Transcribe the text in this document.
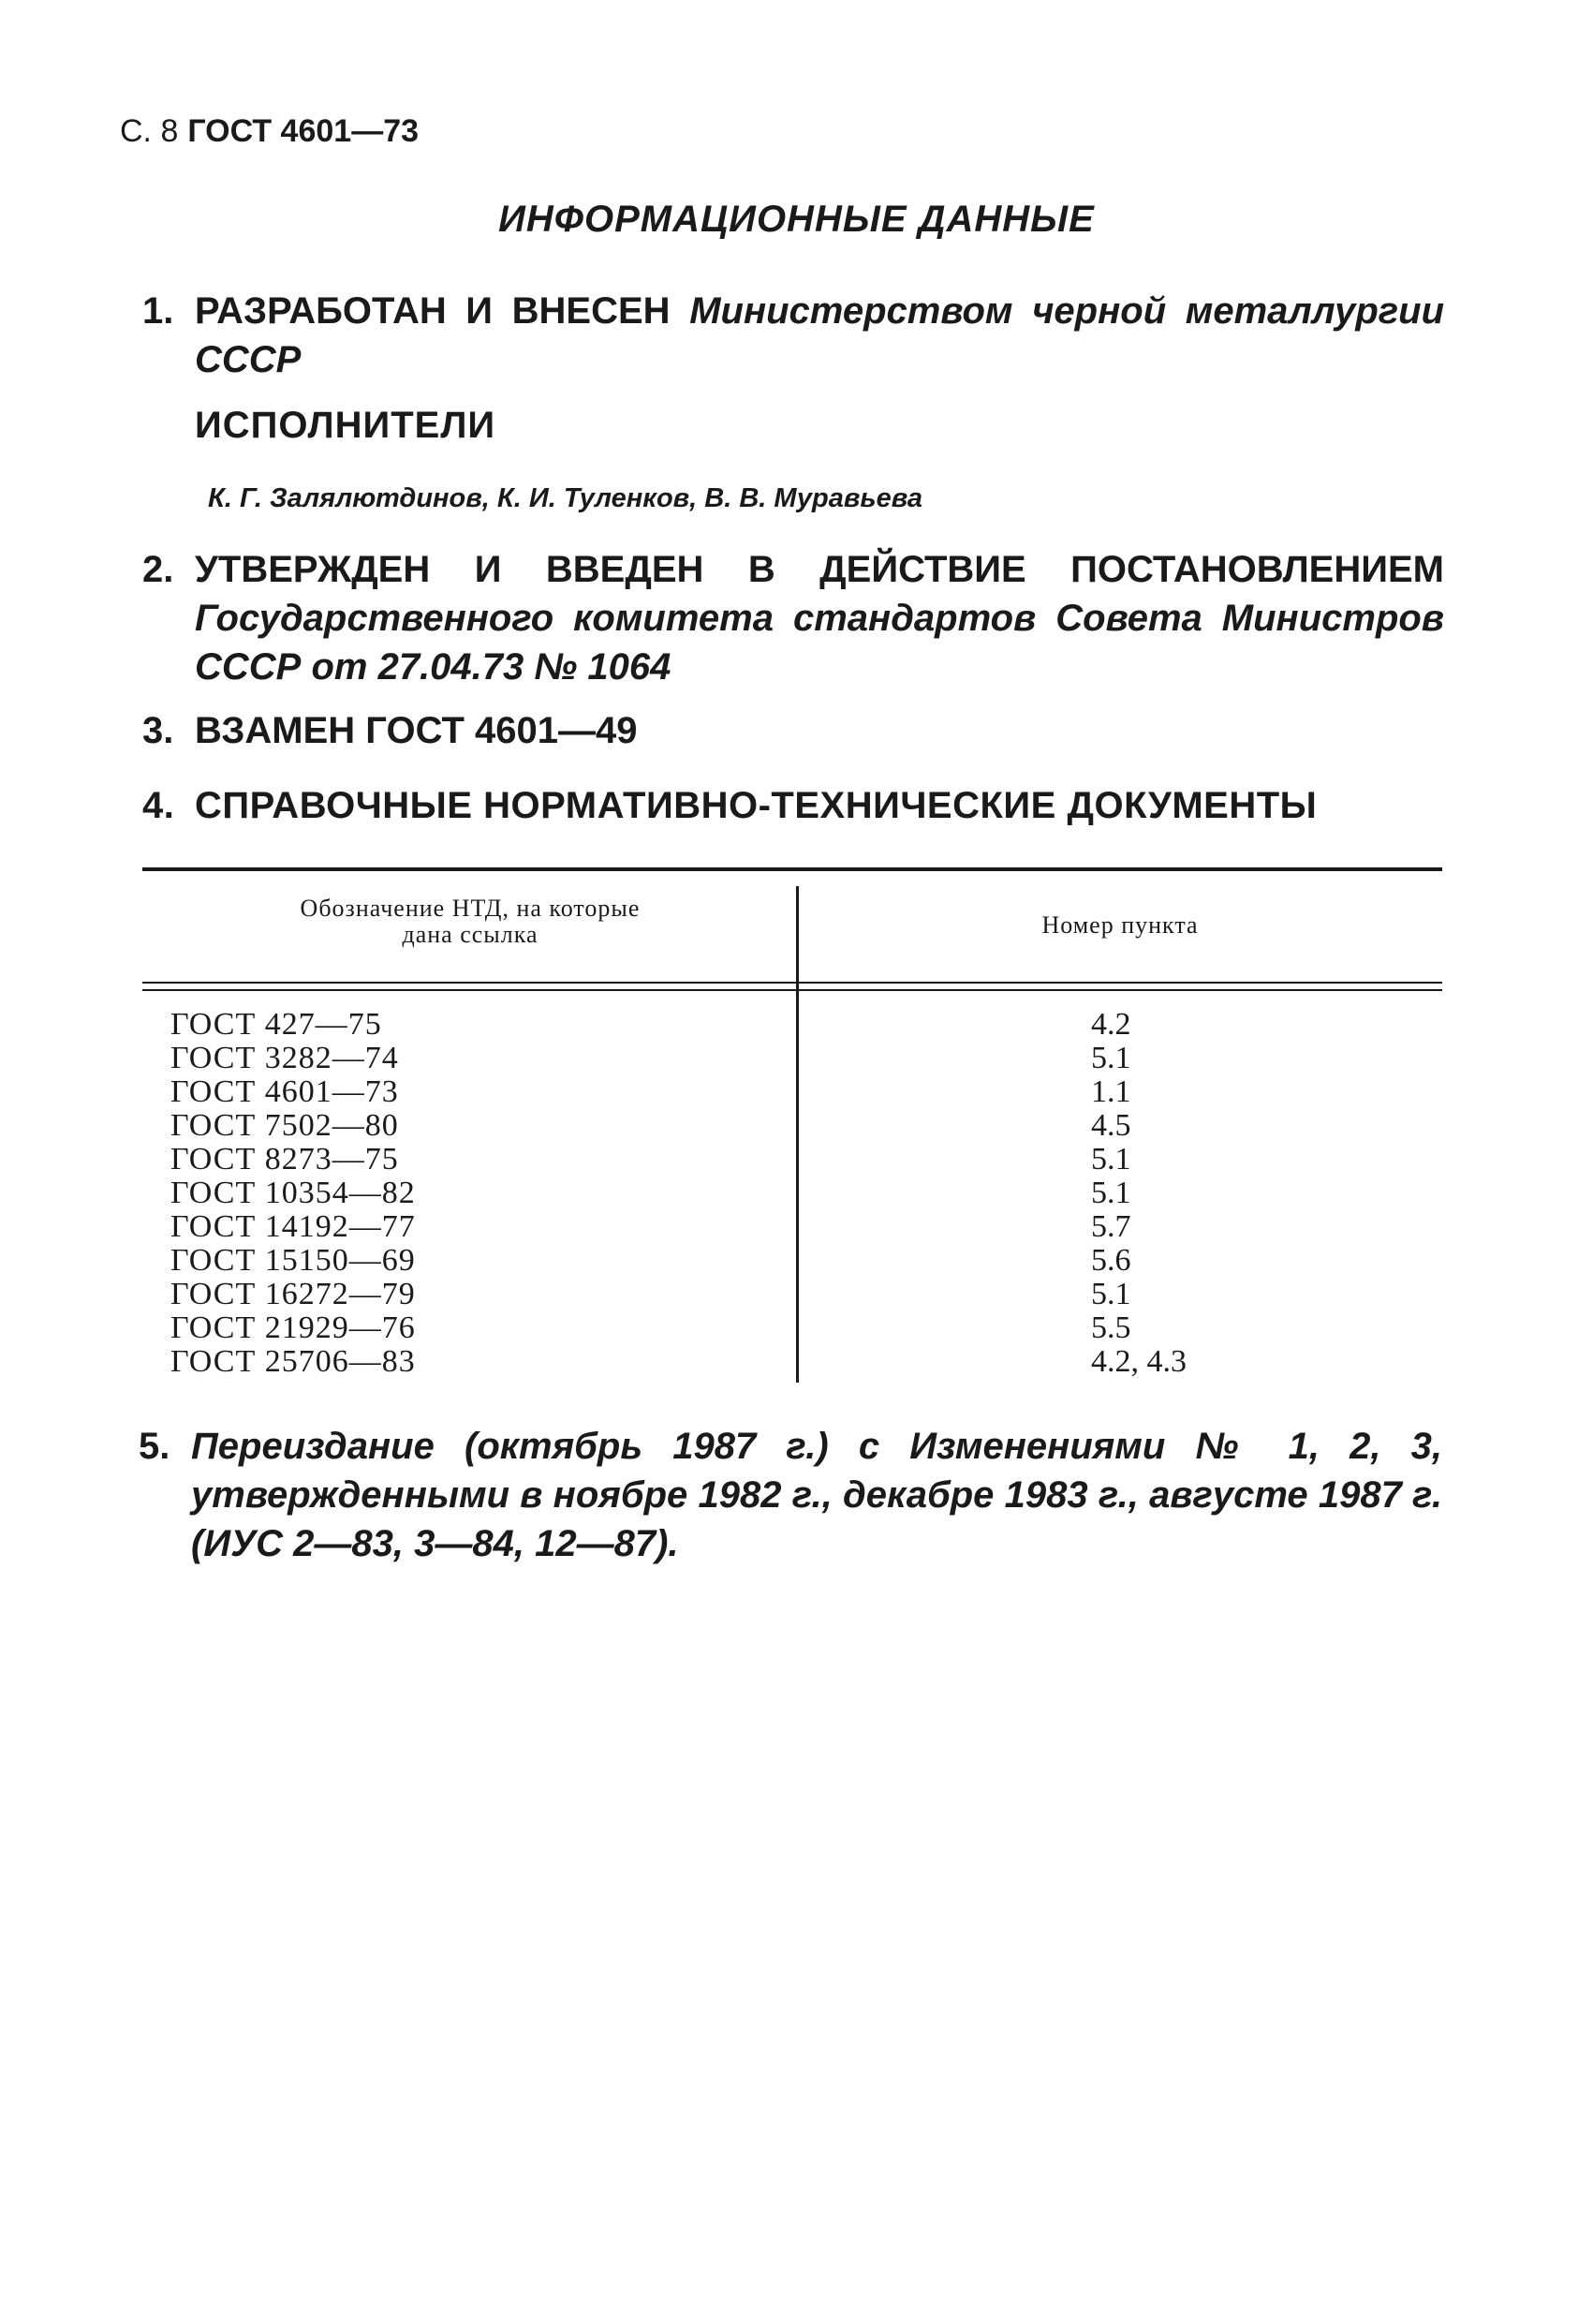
С. 8 ГОСТ 4601—73
ИНФОРМАЦИОННЫЕ ДАННЫЕ
1. РАЗРАБОТАН И ВНЕСЕН Министерством черной металлургии СССР
ИСПОЛНИТЕЛИ
К. Г. Залялютдинов, К. И. Туленков, В. В. Муравьева
2. УТВЕРЖДЕН И ВВЕДЕН В ДЕЙСТВИЕ ПОСТАНОВЛЕНИЕМ Государственного комитета стандартов Совета Министров СССР от 27.04.73 № 1064
3. ВЗАМЕН ГОСТ 4601—49
4. СПРАВОЧНЫЕ НОРМАТИВНО-ТЕХНИЧЕСКИЕ ДОКУМЕНТЫ
Обозначение НТД, на которые
дана ссылка	Номер пункта
ГОСТ 427—75	4.2
ГОСТ 3282—74	5.1
ГОСТ 4601—73	1.1
ГОСТ 7502—80	4.5
ГОСТ 8273—75	5.1
ГОСТ 10354—82	5.1
ГОСТ 14192—77	5.7
ГОСТ 15150—69	5.6
ГОСТ 16272—79	5.1
ГОСТ 21929—76	5.5
ГОСТ 25706—83	4.2, 4.3
5. Переиздание (октябрь 1987 г.) с Изменениями № 1, 2, 3, утвержденными в ноябре 1982 г., декабре 1983 г., августе 1987 г. (ИУС 2—83, 3—84, 12—87).
